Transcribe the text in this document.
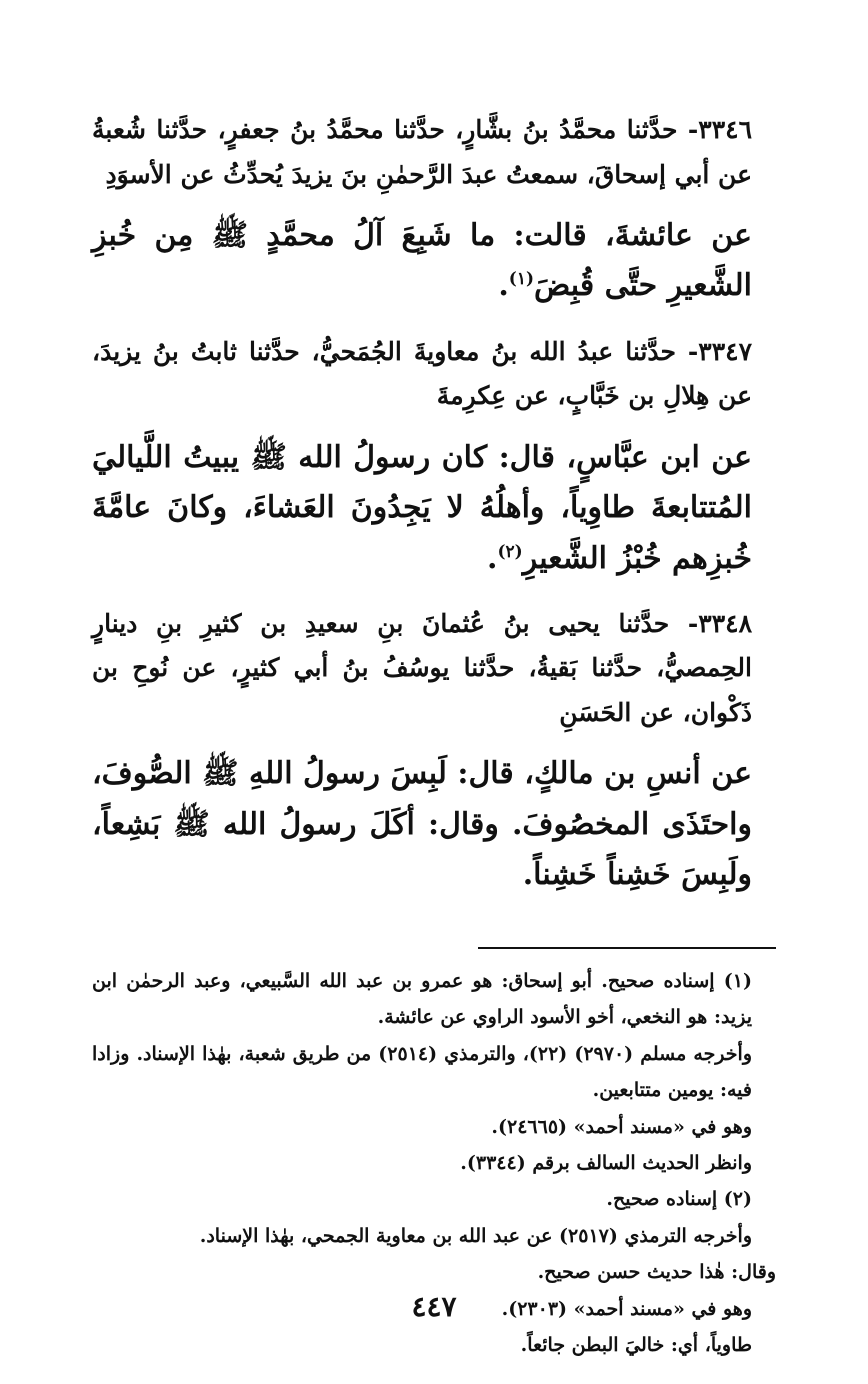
٣٣٤٦- حدَّثنا محمَّدُ بنُ بشَّارٍ، حدَّثنا محمَّدُ بنُ جعفرٍ، حدَّثنا شُعبةُ عن أبي إسحاقَ، سمعتُ عبدَ الرَّحمٰنِ بنَ يزيدَ يُحدِّثُ عن الأسوَدِ

عن عائشةَ، قالت: ما شَبِعَ آلُ محمَّدٍ ﷺ مِن خُبزِ الشَّعيرِ حتَّى قُبِضَ$^{(١)}$.

٣٣٤٧- حدَّثنا عبدُ الله بنُ معاويةَ الجُمَحيُّ، حدَّثنا ثابتُ بنُ يزيدَ، عن هِلالِ بن خَبَّابٍ، عن عِكرِمةَ

عن ابن عبَّاسٍ، قال: كان رسولُ الله ﷺ يبيتُ اللَّياليَ المُتتابعةَ طاوِياً، وأهلُهُ لا يَجِدُونَ العَشاءَ، وكانَ عامَّةَ خُبزِهم خُبْزُ الشَّعيرِ$^{(٢)}$.

٣٣٤٨- حدَّثنا يحيى بنُ عُثمانَ بنِ سعيدِ بن كثيرِ بنِ دينارٍ الحِمصيُّ، حدَّثنا بَقيةُ، حدَّثنا يوسُفُ بنُ أبي كثيرٍ، عن نُوحِ بن ذَكْوان، عن الحَسَنِ

عن أنسِ بن مالكٍ، قال: لَبِسَ رسولُ اللهِ ﷺ الصُّوفَ، واحتَذَى المخصُوفَ. وقال: أكَلَ رسولُ الله ﷺ بَشِعاً، ولَبِسَ خَشِناً خَشِناً.

(١) إسناده صحيح. أبو إسحاق: هو عمرو بن عبد الله السَّبيعي، وعبد الرحمٰن ابن يزيد: هو النخعي، أخو الأسود الراوي عن عائشة.

وأخرجه مسلم (٢٩٧٠) (٢٢)، والترمذي (٢٥١٤) من طريق شعبة، بهٰذا الإسناد. وزادا فيه: يومين متتابعين.

وهو في «مسند أحمد» (٢٤٦٦٥).

وانظر الحديث السالف برقم (٣٣٤٤).

(٢) إسناده صحيح.

وأخرجه الترمذي (٢٥١٧) عن عبد الله بن معاوية الجمحي، بهٰذا الإسناد.

وقال: هٰذا حديث حسن صحيح.

وهو في «مسند أحمد» (٢٣٠٣).

طاوياً، أي: خاليَ البطن جائعاً.

٤٤٧
